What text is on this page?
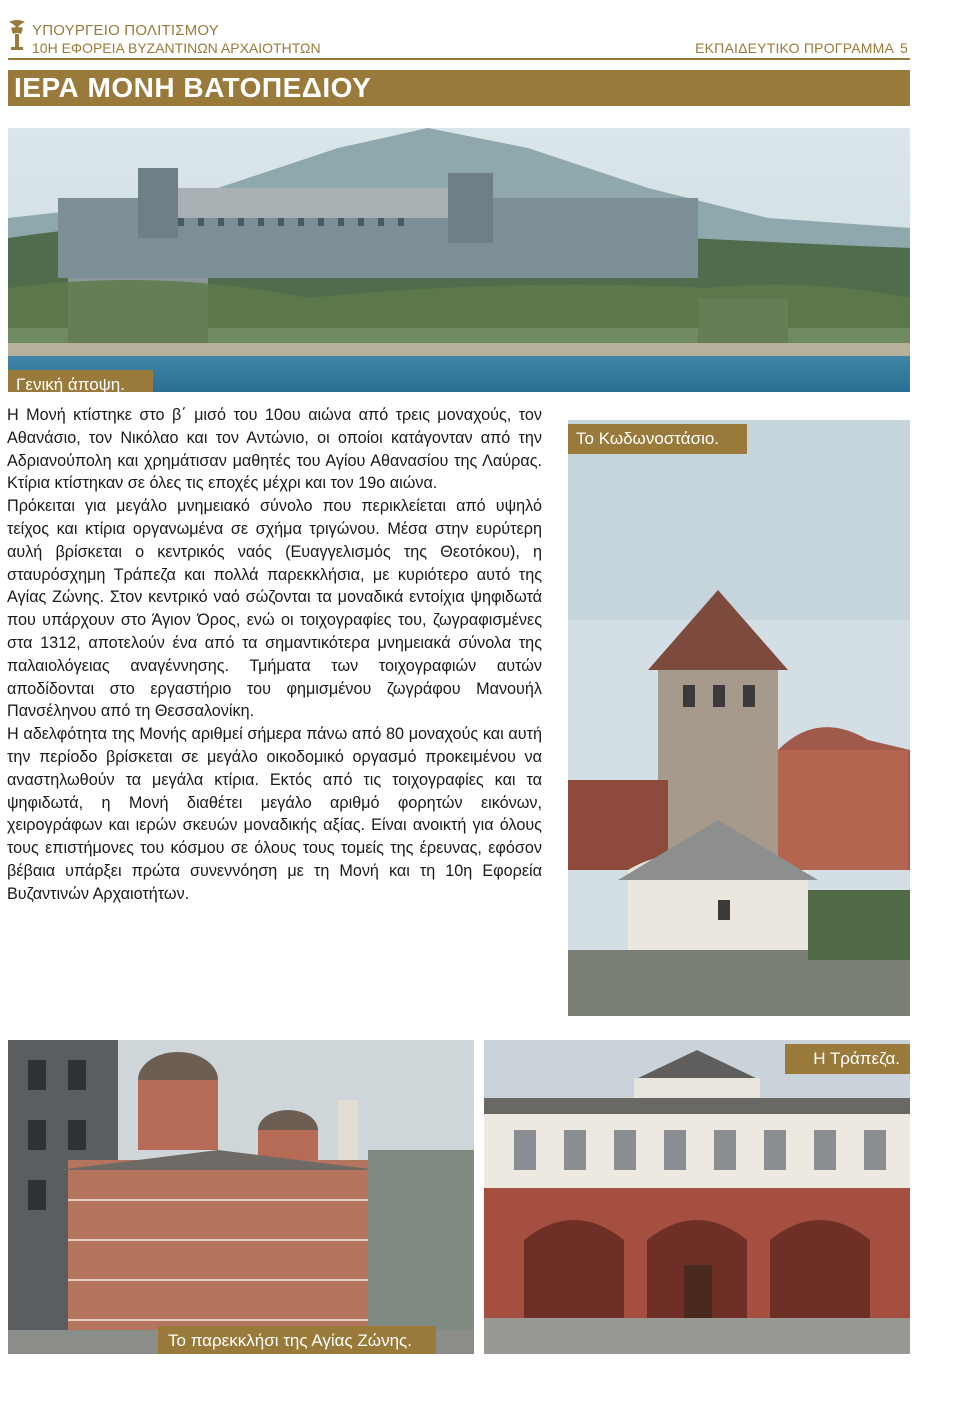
ΥΠΟΥΡΓΕΙΟ ΠΟΛΙΤΙΣΜΟΥ
10Η ΕΦΟΡΕΙΑ ΒΥΖΑΝΤΙΝΩΝ ΑΡΧΑΙΟΤΗΤΩΝ	ΕΚΠΑΙΔΕΥΤΙΚΟ ΠΡΟΓΡΑΜΜΑ 5
ΙΕΡΑ ΜΟΝΗ ΒΑΤΟΠΕΔΙΟΥ
Γενική άποψη.
Το Κωδωνοστάσιο.
Το παρεκκλήσι της Αγίας Ζώνης.
Η Τράπεζα.

Η Μονή κτίστηκε στο β΄ μισό του 10ου αιώνα από τρεις μοναχούς, τον Αθανάσιο, τον Νικόλαο και τον Αντώνιο, οι οποίοι κατάγονταν από την Αδριανούπολη και χρημάτισαν μαθητές του Αγίου Αθανασίου της Λαύρας. Κτίρια κτίστηκαν σε όλες τις εποχές μέχρι και τον 19ο αιώνα.

Πρόκειται για μεγάλο μνημειακό σύνολο που περικλείεται από υψηλό τείχος και κτίρια οργανωμένα σε σχήμα τριγώνου. Μέσα στην ευρύτερη αυλή βρίσκεται ο κεντρικός ναός (Ευαγγελισμός της Θεοτόκου), η σταυρόσχημη Τράπεζα και πολλά παρεκκλήσια, με κυριότερο αυτό της Αγίας Ζώνης. Στον κεντρικό ναό σώζονται τα μοναδικά εντοίχια ψηφιδωτά που υπάρχουν στο Άγιον Όρος, ενώ οι τοιχογραφίες του, ζωγραφισμένες στα 1312, αποτελούν ένα από τα σημαντικότερα μνημειακά σύνολα της παλαιολόγειας αναγέννησης. Τμήματα των τοιχογραφιών αυτών αποδίδονται στο εργαστήριο του φημισμένου ζωγράφου Μανουήλ Πανσέληνου από τη Θεσσαλονίκη.

Η αδελφότητα της Μονής αριθμεί σήμερα πάνω από 80 μοναχούς και αυτή την περίοδο βρίσκεται σε μεγάλο οικοδομικό οργασμό προκειμένου να αναστηλωθούν τα μεγάλα κτίρια. Εκτός από τις τοιχογραφίες και τα ψηφιδωτά, η Μονή διαθέτει μεγάλο αριθμό φορητών εικόνων, χειρογράφων και ιερών σκευών μοναδικής αξίας. Είναι ανοικτή για όλους τους επιστήμονες του κόσμου σε όλους τους τομείς της έρευνας, εφόσον βέβαια υπάρξει πρώτα συνεννόηση με τη Μονή και τη 10η Εφορεία Βυζαντινών Αρχαιοτήτων.
